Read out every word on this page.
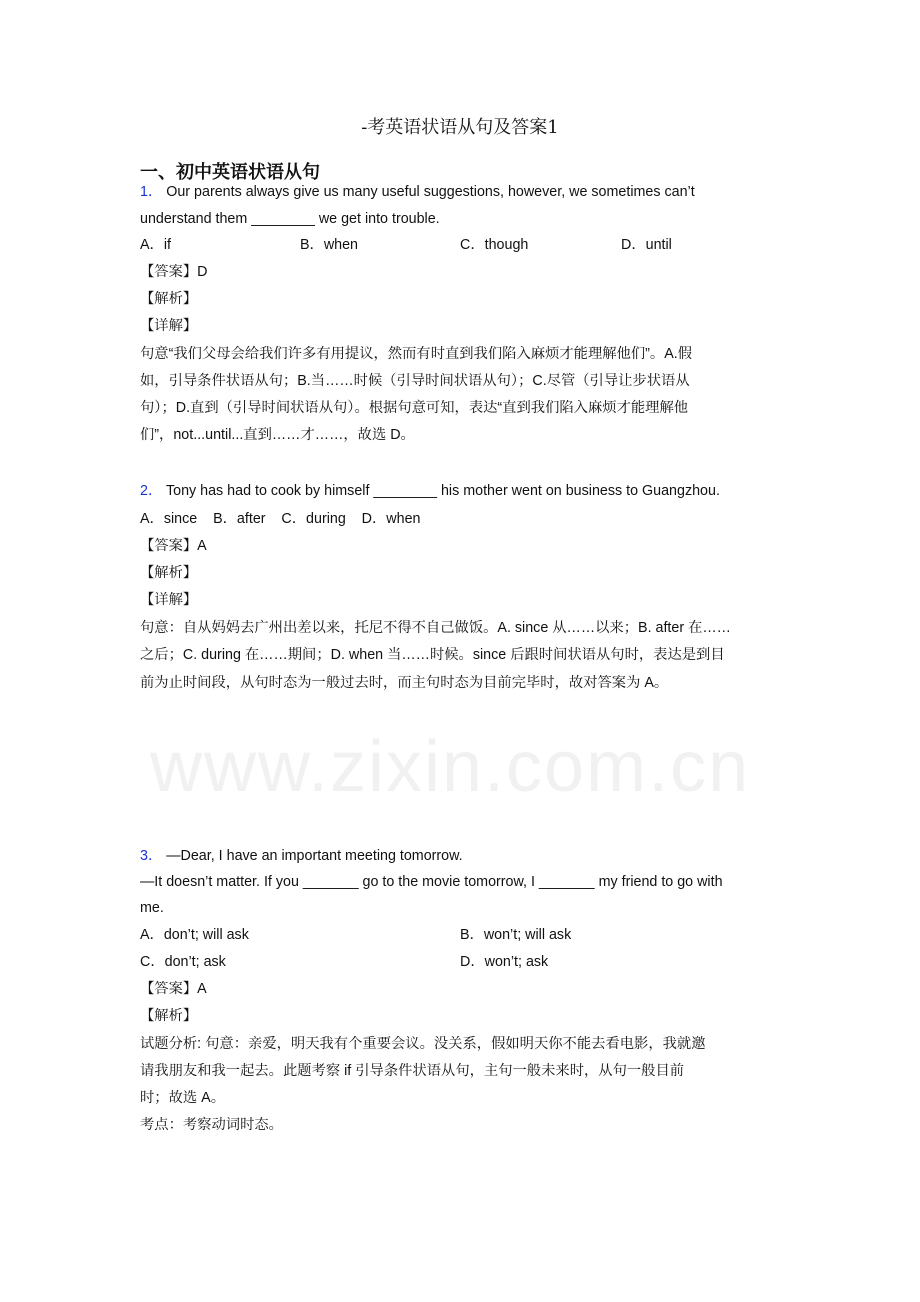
www.zixin.com.cn
-考英语状语从句及答案1
一、初中英语状语从句
1． Our parents always give us many useful suggestions, however, we sometimes can’t
understand them ________ we get into trouble.
A．if	B．when	C．though	D．until
【答案】D
【解析】
【详解】
句意“我们父母会给我们许多有用提议，然而有时直到我们陷入麻烦才能理解他们”。A.假
如，引导条件状语从句；B.当……时候（引导时间状语从句）；C.尽管（引导让步状语从
句）；D.直到（引导时间状语从句）。根据句意可知，表达“直到我们陷入麻烦才能理解他
们”，not...until...直到……才……，故选 D。
2． Tony has had to cook by himself ________ his mother went on business to Guangzhou.
A．since    B．after    C．during    D．when
【答案】A
【解析】
【详解】
句意：自从妈妈去广州出差以来，托尼不得不自己做饭。A. since 从……以来；B. after 在……
之后；C. during 在……期间；D. when 当……时候。since 后跟时间状语从句时，表达是到目
前为止时间段，从句时态为一般过去时，而主句时态为目前完毕时，故对答案为 A。
3． —Dear, I have an important meeting tomorrow.
—It doesn’t matter. If you _______ go to the movie tomorrow, I _______ my friend to go with
me.
A．don’t; will ask	B．won’t; will ask
C．don’t; ask	D．won’t; ask
【答案】A
【解析】
试题分析: 句意：亲爱，明天我有个重要会议。没关系，假如明天你不能去看电影，我就邀
请我朋友和我一起去。此题考察 if 引导条件状语从句，主句一般未来时，从句一般目前
时；故选 A。
考点：考察动词时态。
